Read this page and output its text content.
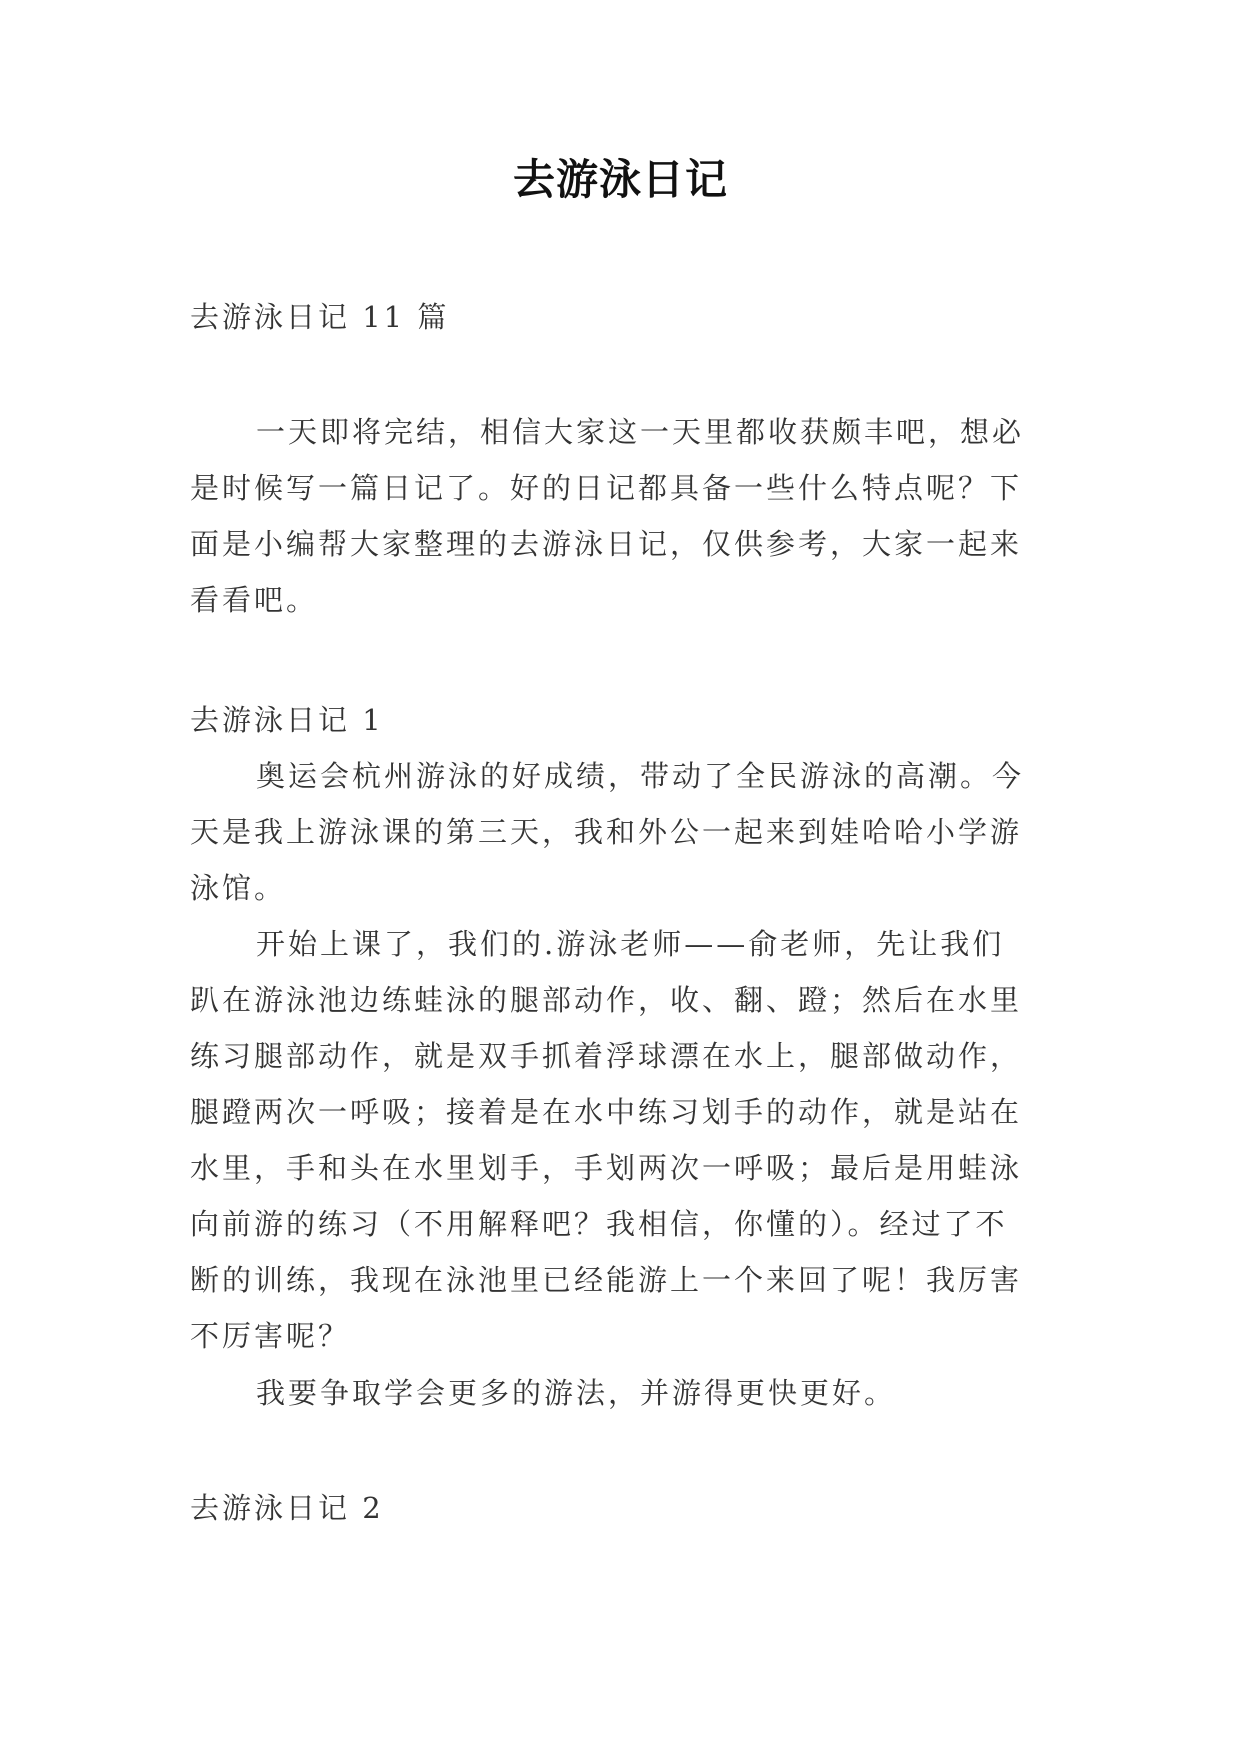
去游泳日记
去游泳日记 11 篇
一天即将完结，相信大家这一天里都收获颇丰吧，想必
是时候写一篇日记了。好的日记都具备一些什么特点呢？下
面是小编帮大家整理的去游泳日记，仅供参考，大家一起来
看看吧。
去游泳日记 1
奥运会杭州游泳的好成绩，带动了全民游泳的高潮。今
天是我上游泳课的第三天，我和外公一起来到娃哈哈小学游
泳馆。
开始上课了，我们的.游泳老师——俞老师，先让我们
趴在游泳池边练蛙泳的腿部动作，收、翻、蹬；然后在水里
练习腿部动作，就是双手抓着浮球漂在水上，腿部做动作，
腿蹬两次一呼吸；接着是在水中练习划手的动作，就是站在
水里，手和头在水里划手，手划两次一呼吸；最后是用蛙泳
向前游的练习（不用解释吧？我相信，你懂的）。经过了不
断的训练，我现在泳池里已经能游上一个来回了呢！我厉害
不厉害呢？
我要争取学会更多的游法，并游得更快更好。
去游泳日记 2
